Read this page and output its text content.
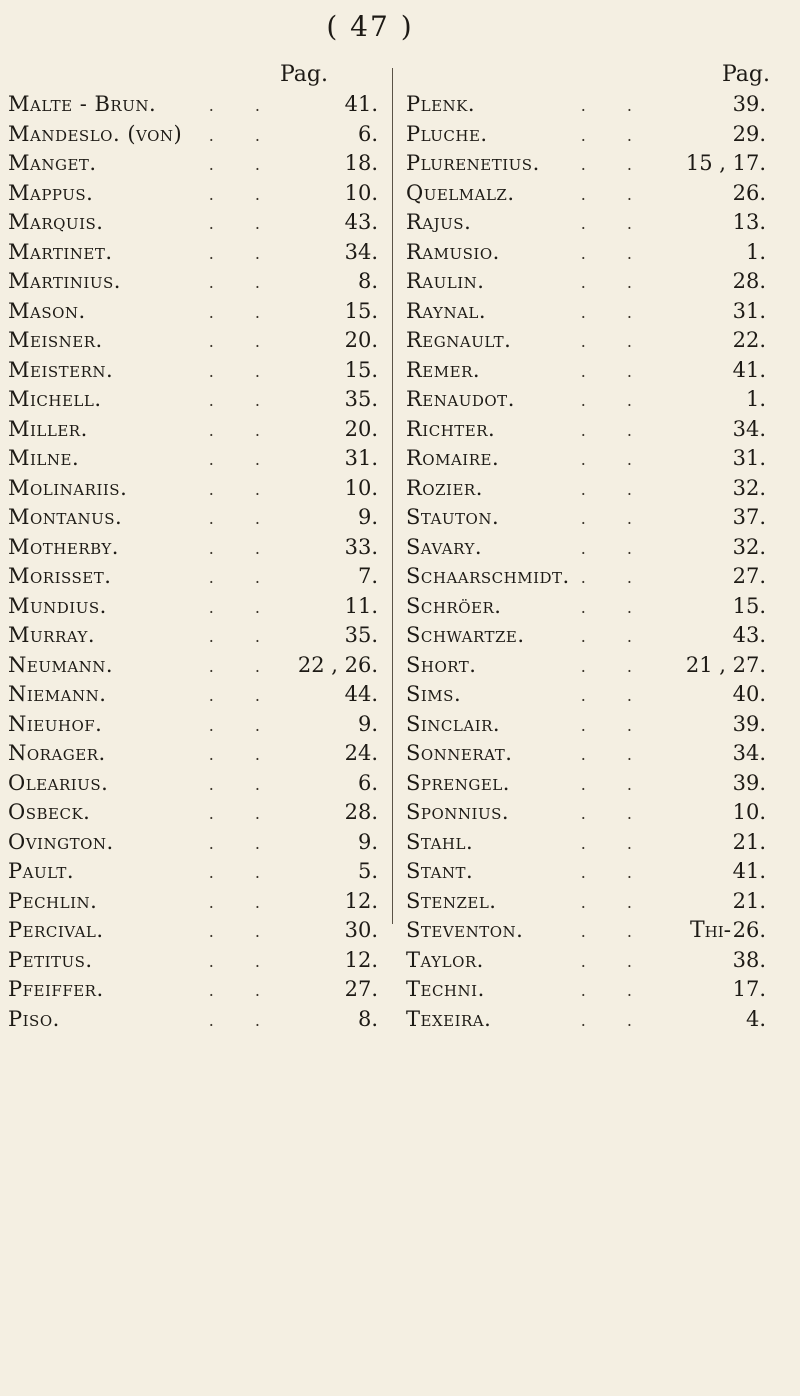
( 47 )
Pag.
Malte - Brun.	. .	41.
Mandeslo. (von)	. .	6.
Manget.	. .	18.
Mappus.	. .	10.
Marquis.	. .	43.
Martinet.	. .	34.
Martinius.	. .	8.
Mason.	. .	15.
Meisner.	. .	20.
Meistern.	. .	15.
Michell.	. .	35.
Miller.	. .	20.
Milne.	. .	31.
Molinariis.	. .	10.
Montanus.	. .	9.
Motherby.	. .	33.
Morisset.	. .	7.
Mundius.	. .	11.
Murray.	. .	35.
Neumann.	. . 22 , 26.
Niemann.	. .	44.
Nieuhof.	. .	9.
Norager.	. .	24.
Olearius.	. .	6.
Osbeck.	. .	28.
Ovington.	. .	9.
Pault.	. .	5.
Pechlin.	. .	12.
Percival.	. .	30.
Petitus.	. .	12.
Pfeiffer.	. .	27.
Piso.	. .	8.
Pag.
Plenk.	. .	39.
Pluche.	. .	29.
Plurenetius.	. .	15 , 17.
Quelmalz.	. .	26.
Rajus.	. .	13.
Ramusio.	. .	1.
Raulin.	. .	28.
Raynal.	. .	31.
Regnault.	. .	22.
Remer.	. .	41.
Renaudot.	. .	1.
Richter.	. .	34.
Romaire.	. .	31.
Rozier.	. .	32.
Stauton.	. .	37.
Savary.	. .	32.
Schaarschmidt. . .	27.
Schröer.	. .	15.
Schwartze.	. .	43.
Short.	. .	21 , 27.
Sims.	. .	40.
Sinclair.	. .	39.
Sonnerat.	. .	34.
Sprengel.	. .	39.
Sponnius.	. .	10.
Stahl.	. .	21.
Stant.	. .	41.
Stenzel.	. .	21.
Steventon.	. .	26.
Taylor.	. .	38.
Techni.	. .	17.
Texeira.	. .	4.
Thi-
